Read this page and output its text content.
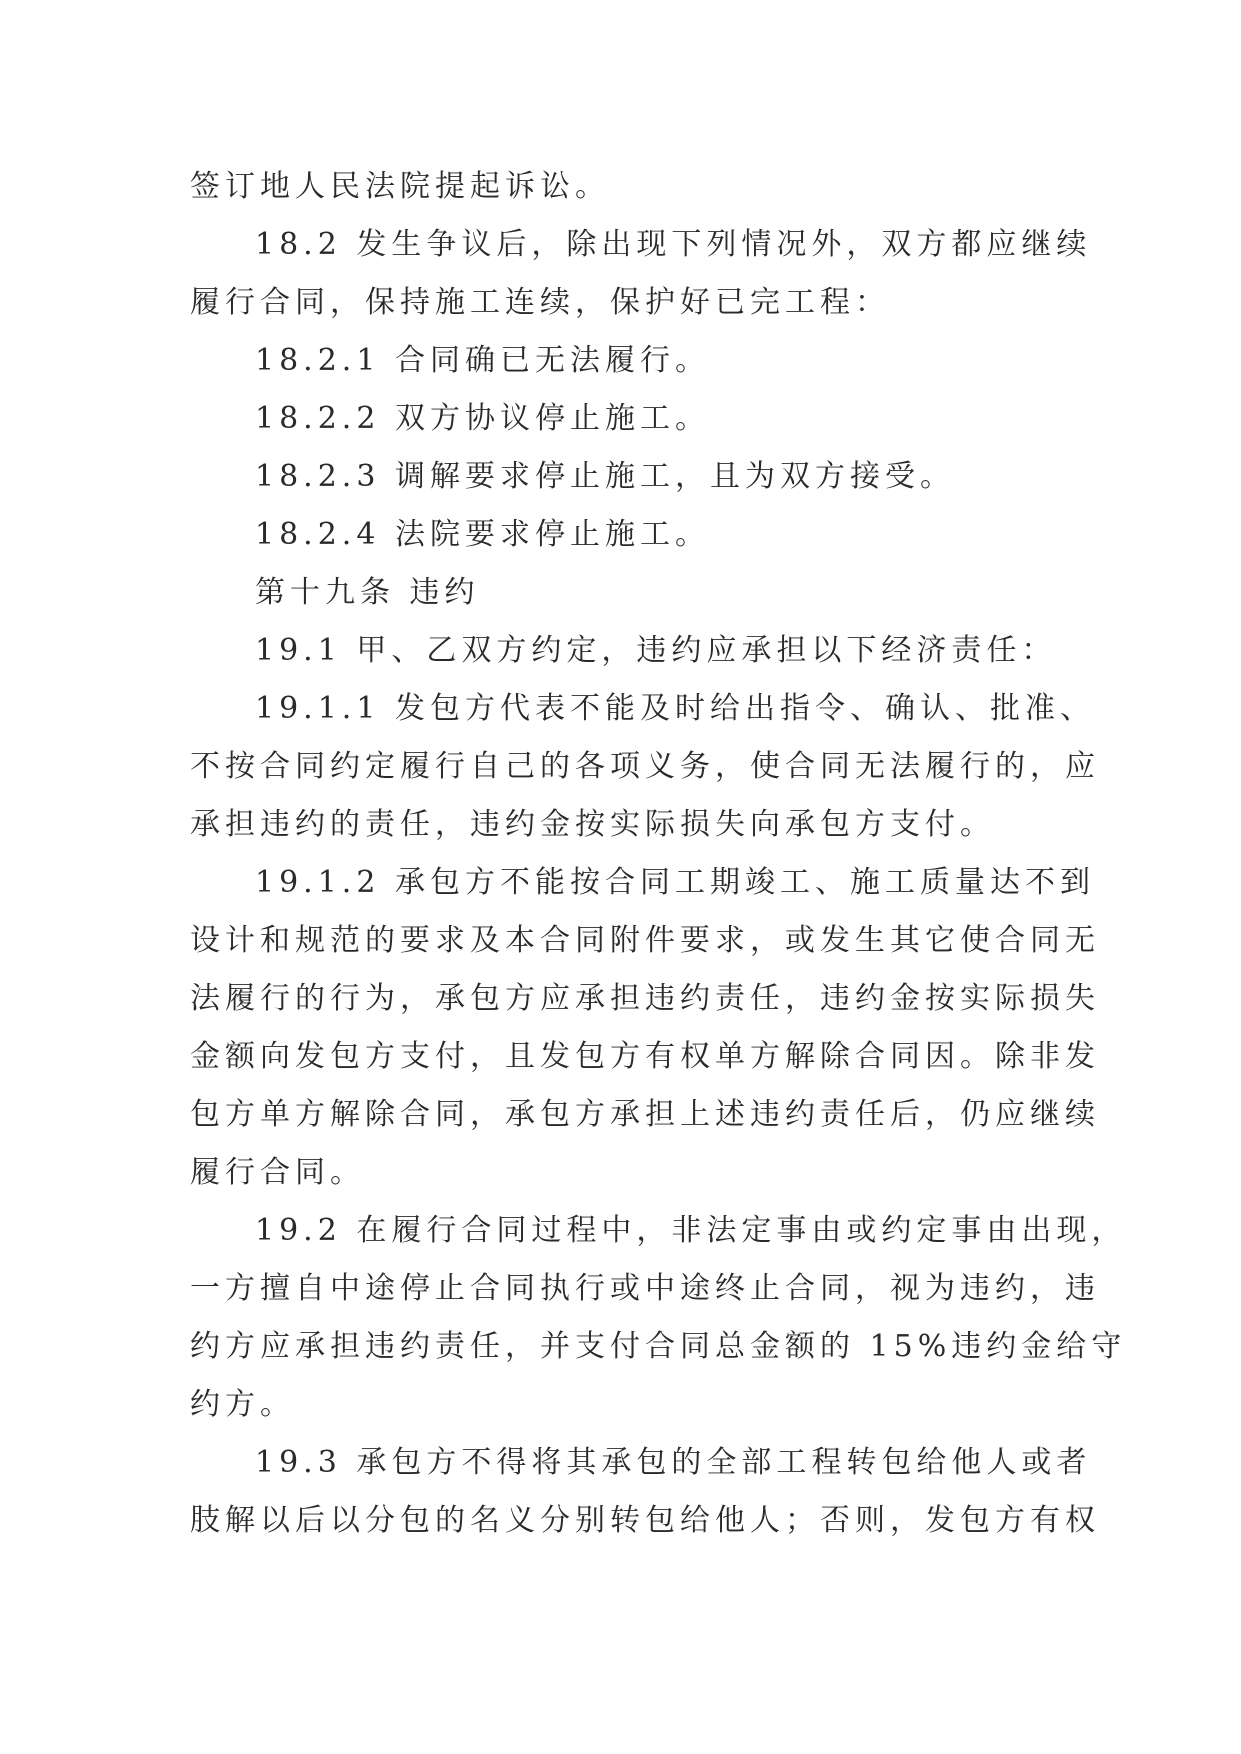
签订地人民法院提起诉讼。
18.2 发生争议后，除出现下列情况外，双方都应继续
履行合同，保持施工连续，保护好已完工程：
18.2.1 合同确已无法履行。
18.2.2 双方协议停止施工。
18.2.3 调解要求停止施工，且为双方接受。
18.2.4 法院要求停止施工。
第十九条 违约
19.1 甲、乙双方约定，违约应承担以下经济责任：
19.1.1 发包方代表不能及时给出指令、确认、批准、
不按合同约定履行自己的各项义务，使合同无法履行的，应
承担违约的责任，违约金按实际损失向承包方支付。
19.1.2 承包方不能按合同工期竣工、施工质量达不到
设计和规范的要求及本合同附件要求，或发生其它使合同无
法履行的行为，承包方应承担违约责任，违约金按实际损失
金额向发包方支付，且发包方有权单方解除合同因。除非发
包方单方解除合同，承包方承担上述违约责任后，仍应继续
履行合同。
19.2 在履行合同过程中，非法定事由或约定事由出现，
一方擅自中途停止合同执行或中途终止合同，视为违约，违
约方应承担违约责任，并支付合同总金额的 15%违约金给守
约方。
19.3 承包方不得将其承包的全部工程转包给他人或者
肢解以后以分包的名义分别转包给他人；否则，发包方有权
